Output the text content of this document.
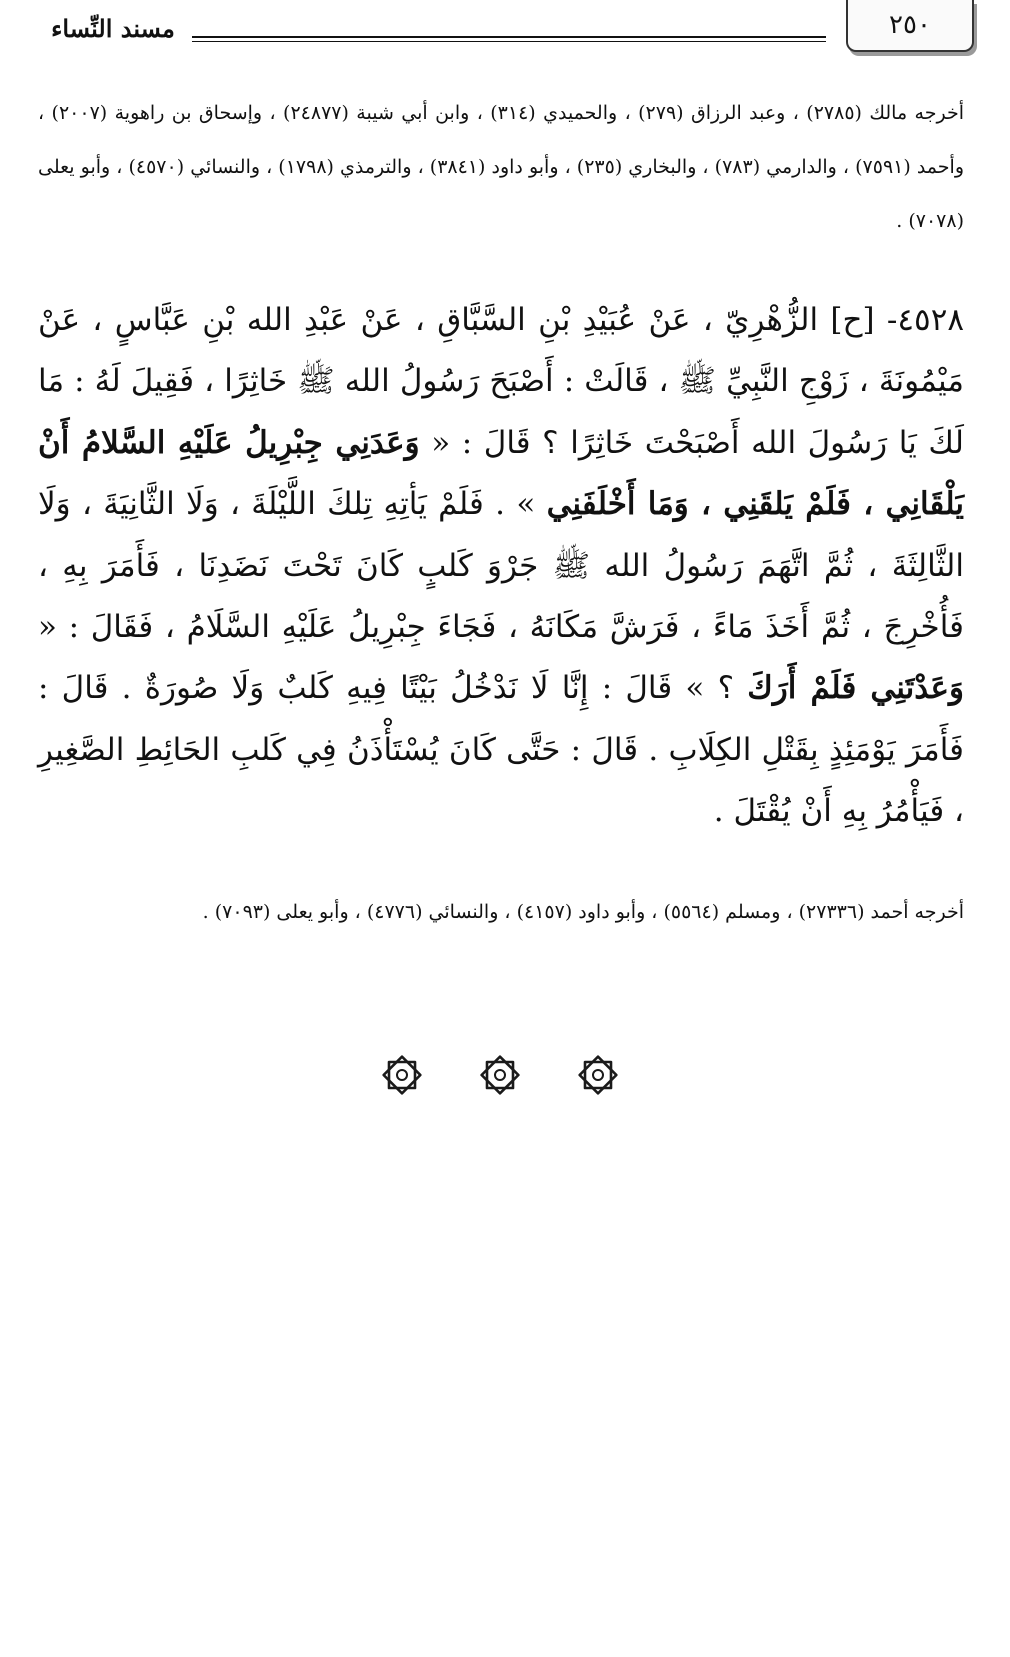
٢٥٠
مسند النِّساء
أخرجه مالك (٢٧٨٥) ، وعبد الرزاق (٢٧٩) ، والحميدي (٣١٤) ، وابن أبي شيبة (٢٤٨٧٧) ، وإسحاق بن راهوية (٢٠٠٧) ، وأحمد (٧٥٩١) ، والدارمي (٧٨٣) ، والبخاري (٢٣٥) ، وأبو داود (٣٨٤١) ، والترمذي (١٧٩٨) ، والنسائي (٤٥٧٠) ، وأبو يعلى (٧٠٧٨) .
٤٥٢٨- [ح] الزُّهْرِيّ ، عَنْ عُبَيْدِ بْنِ السَّبَّاقِ ، عَنْ عَبْدِ الله بْنِ عَبَّاسٍ ، عَنْ مَيْمُونَةَ ، زَوْجِ النَّبِيِّ ﷺ ، قَالَتْ : أَصْبَحَ رَسُولُ الله ﷺ خَاثِرًا ، فَقِيلَ لَهُ : مَا لَكَ يَا رَسُولَ الله أَصْبَحْتَ خَاثِرًا ؟ قَالَ : « وَعَدَنِي جِبْرِيلُ عَلَيْهِ السَّلامُ أَنْ يَلْقَانِي ، فَلَمْ يَلقَنِي ، وَمَا أَخْلَفَنِي » . فَلَمْ يَأتِهِ تِلكَ اللَّيْلَةَ ، وَلَا الثَّانِيَةَ ، وَلَا الثَّالِثَةَ ، ثُمَّ اتَّهَمَ رَسُولُ الله ﷺ جَرْوَ كَلبٍ كَانَ تَحْتَ نَضَدِنَا ، فَأَمَرَ بِهِ ، فَأُخْرِجَ ، ثُمَّ أَخَذَ مَاءً ، فَرَشَّ مَكَانَهُ ، فَجَاءَ جِبْرِيلُ عَلَيْهِ السَّلَامُ ، فَقَالَ : « وَعَدْتَنِي فَلَمْ أَرَكَ ؟ » قَالَ : إِنَّا لَا نَدْخُلُ بَيْتًا فِيهِ كَلبٌ وَلَا صُورَةٌ . قَالَ : فَأَمَرَ يَوْمَئِذٍ بِقَتْلِ الكِلَابِ . قَالَ : حَتَّى كَانَ يُسْتَأْذَنُ فِي كَلبِ الحَائِطِ الصَّغِيرِ ، فَيَأْمُرُ بِهِ أَنْ يُقْتَلَ .
أخرجه أحمد (٢٧٣٣٦) ، ومسلم (٥٥٦٤) ، وأبو داود (٤١٥٧) ، والنسائي (٤٧٧٦) ، وأبو يعلى (٧٠٩٣) .
